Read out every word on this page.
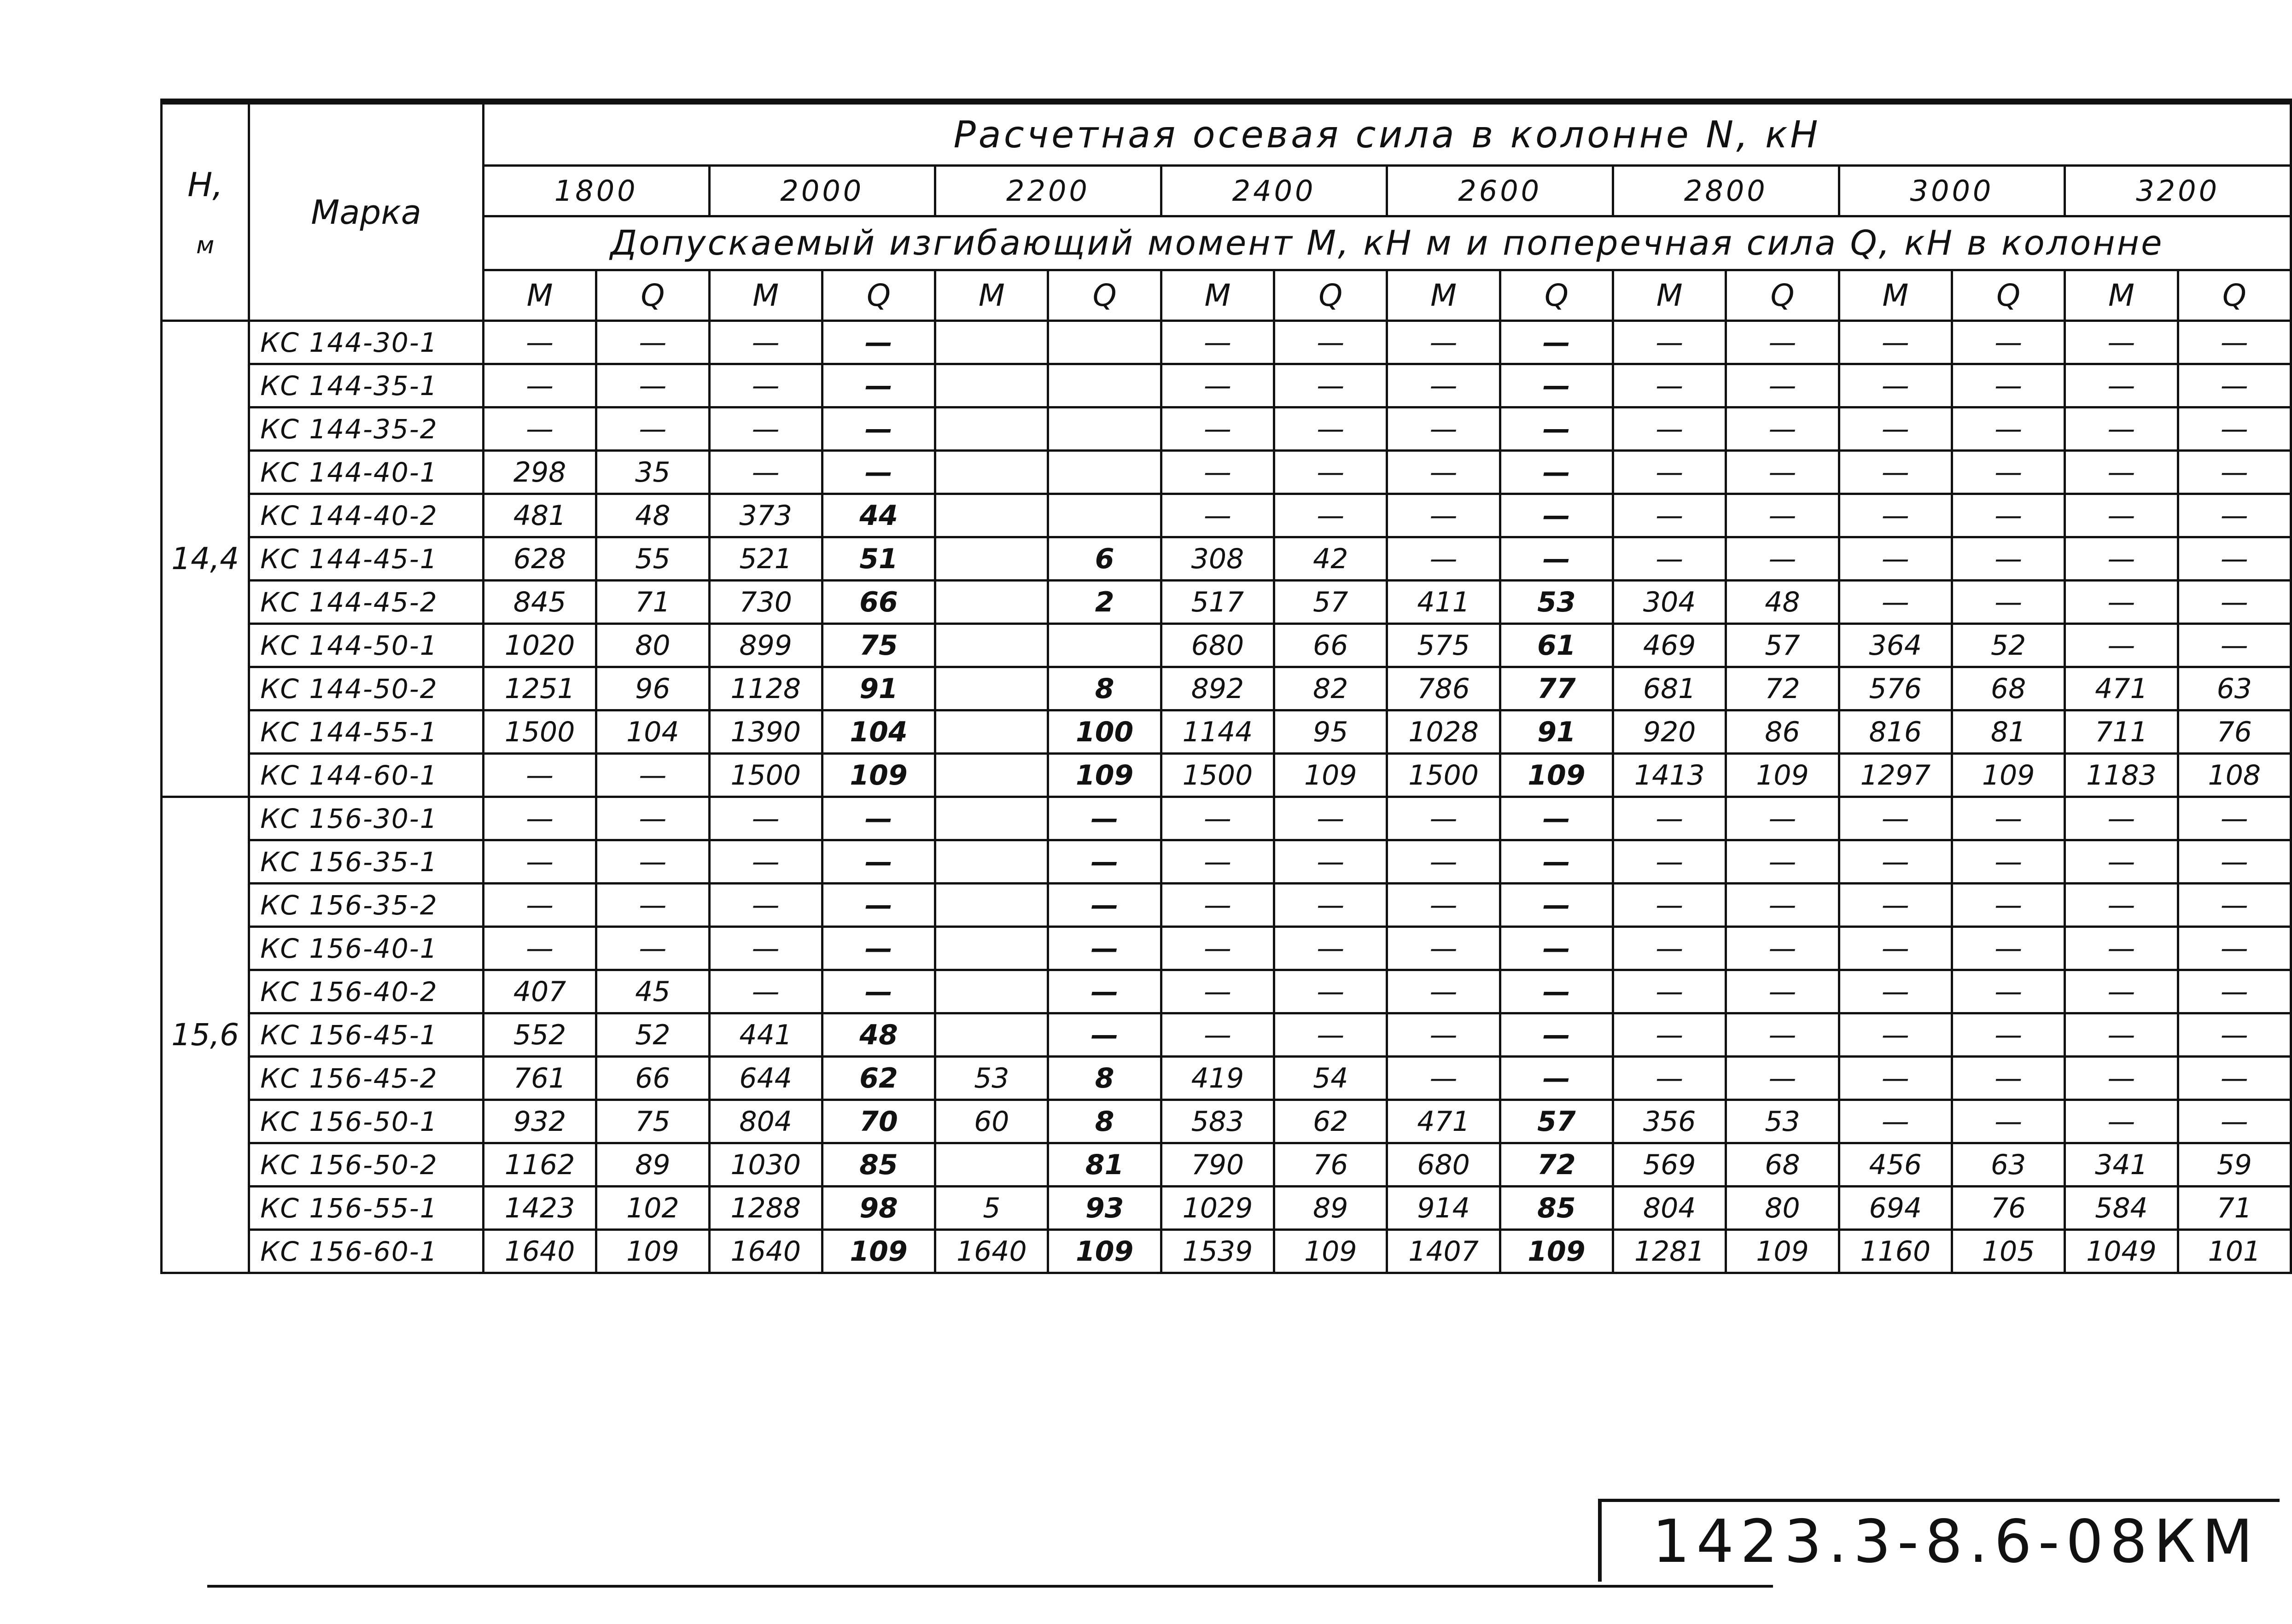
Н,
м	Марка	Расчетная осевая сила в колонне N, кН															
		1800		2000		2200		2400		2600		2800		3000		3200	
		Допускаемый изгибающий момент М, кН м и поперечная сила Q, кН в колонне															
		М	Q	М	Q	М	Q	М	Q	М	Q	М	Q	М	Q	М	Q
14,4	КС 144-30-1	—	—	—	—			—	—	—	—	—	—	—	—	—	—
	КС 144-35-1	—	—	—	—			—	—	—	—	—	—	—	—	—	—
	КС 144-35-2	—	—	—	—			—	—	—	—	—	—	—	—	—	—
	КС 144-40-1	298	35	—	—			—	—	—	—	—	—	—	—	—	—
	КС 144-40-2	481	48	373	44			—	—	—	—	—	—	—	—	—	—
	КС 144-45-1	628	55	521	51		6	308	42	—	—	—	—	—	—	—	—
	КС 144-45-2	845	71	730	66		2	517	57	411	53	304	48	—	—	—	—
	КС 144-50-1	1020	80	899	75			680	66	575	61	469	57	364	52	—	—
	КС 144-50-2	1251	96	1128	91		8	892	82	786	77	681	72	576	68	471	63
	КС 144-55-1	1500	104	1390	104		100	1144	95	1028	91	920	86	816	81	711	76
	КС 144-60-1	—	—	1500	109		109	1500	109	1500	109	1413	109	1297	109	1183	108
15,6	КС 156-30-1	—	—	—	—		—	—	—	—	—	—	—	—	—	—	—
	КС 156-35-1	—	—	—	—		—	—	—	—	—	—	—	—	—	—	—
	КС 156-35-2	—	—	—	—		—	—	—	—	—	—	—	—	—	—	—
	КС 156-40-1	—	—	—	—		—	—	—	—	—	—	—	—	—	—	—
	КС 156-40-2	407	45	—	—		—	—	—	—	—	—	—	—	—	—	—
	КС 156-45-1	552	52	441	48		—	—	—	—	—	—	—	—	—	—	—
	КС 156-45-2	761	66	644	62	53	8	419	54	—	—	—	—	—	—	—	—
	КС 156-50-1	932	75	804	70	60	8	583	62	471	57	356	53	—	—	—	—
	КС 156-50-2	1162	89	1030	85		81	790	76	680	72	569	68	456	63	341	59
	КС 156-55-1	1423	102	1288	98	5	93	1029	89	914	85	804	80	694	76	584	71
	КС 156-60-1	1640	109	1640	109	1640	109	1539	109	1407	109	1281	109	1160	105	1049	101
1423.3-8.6-08КМ
